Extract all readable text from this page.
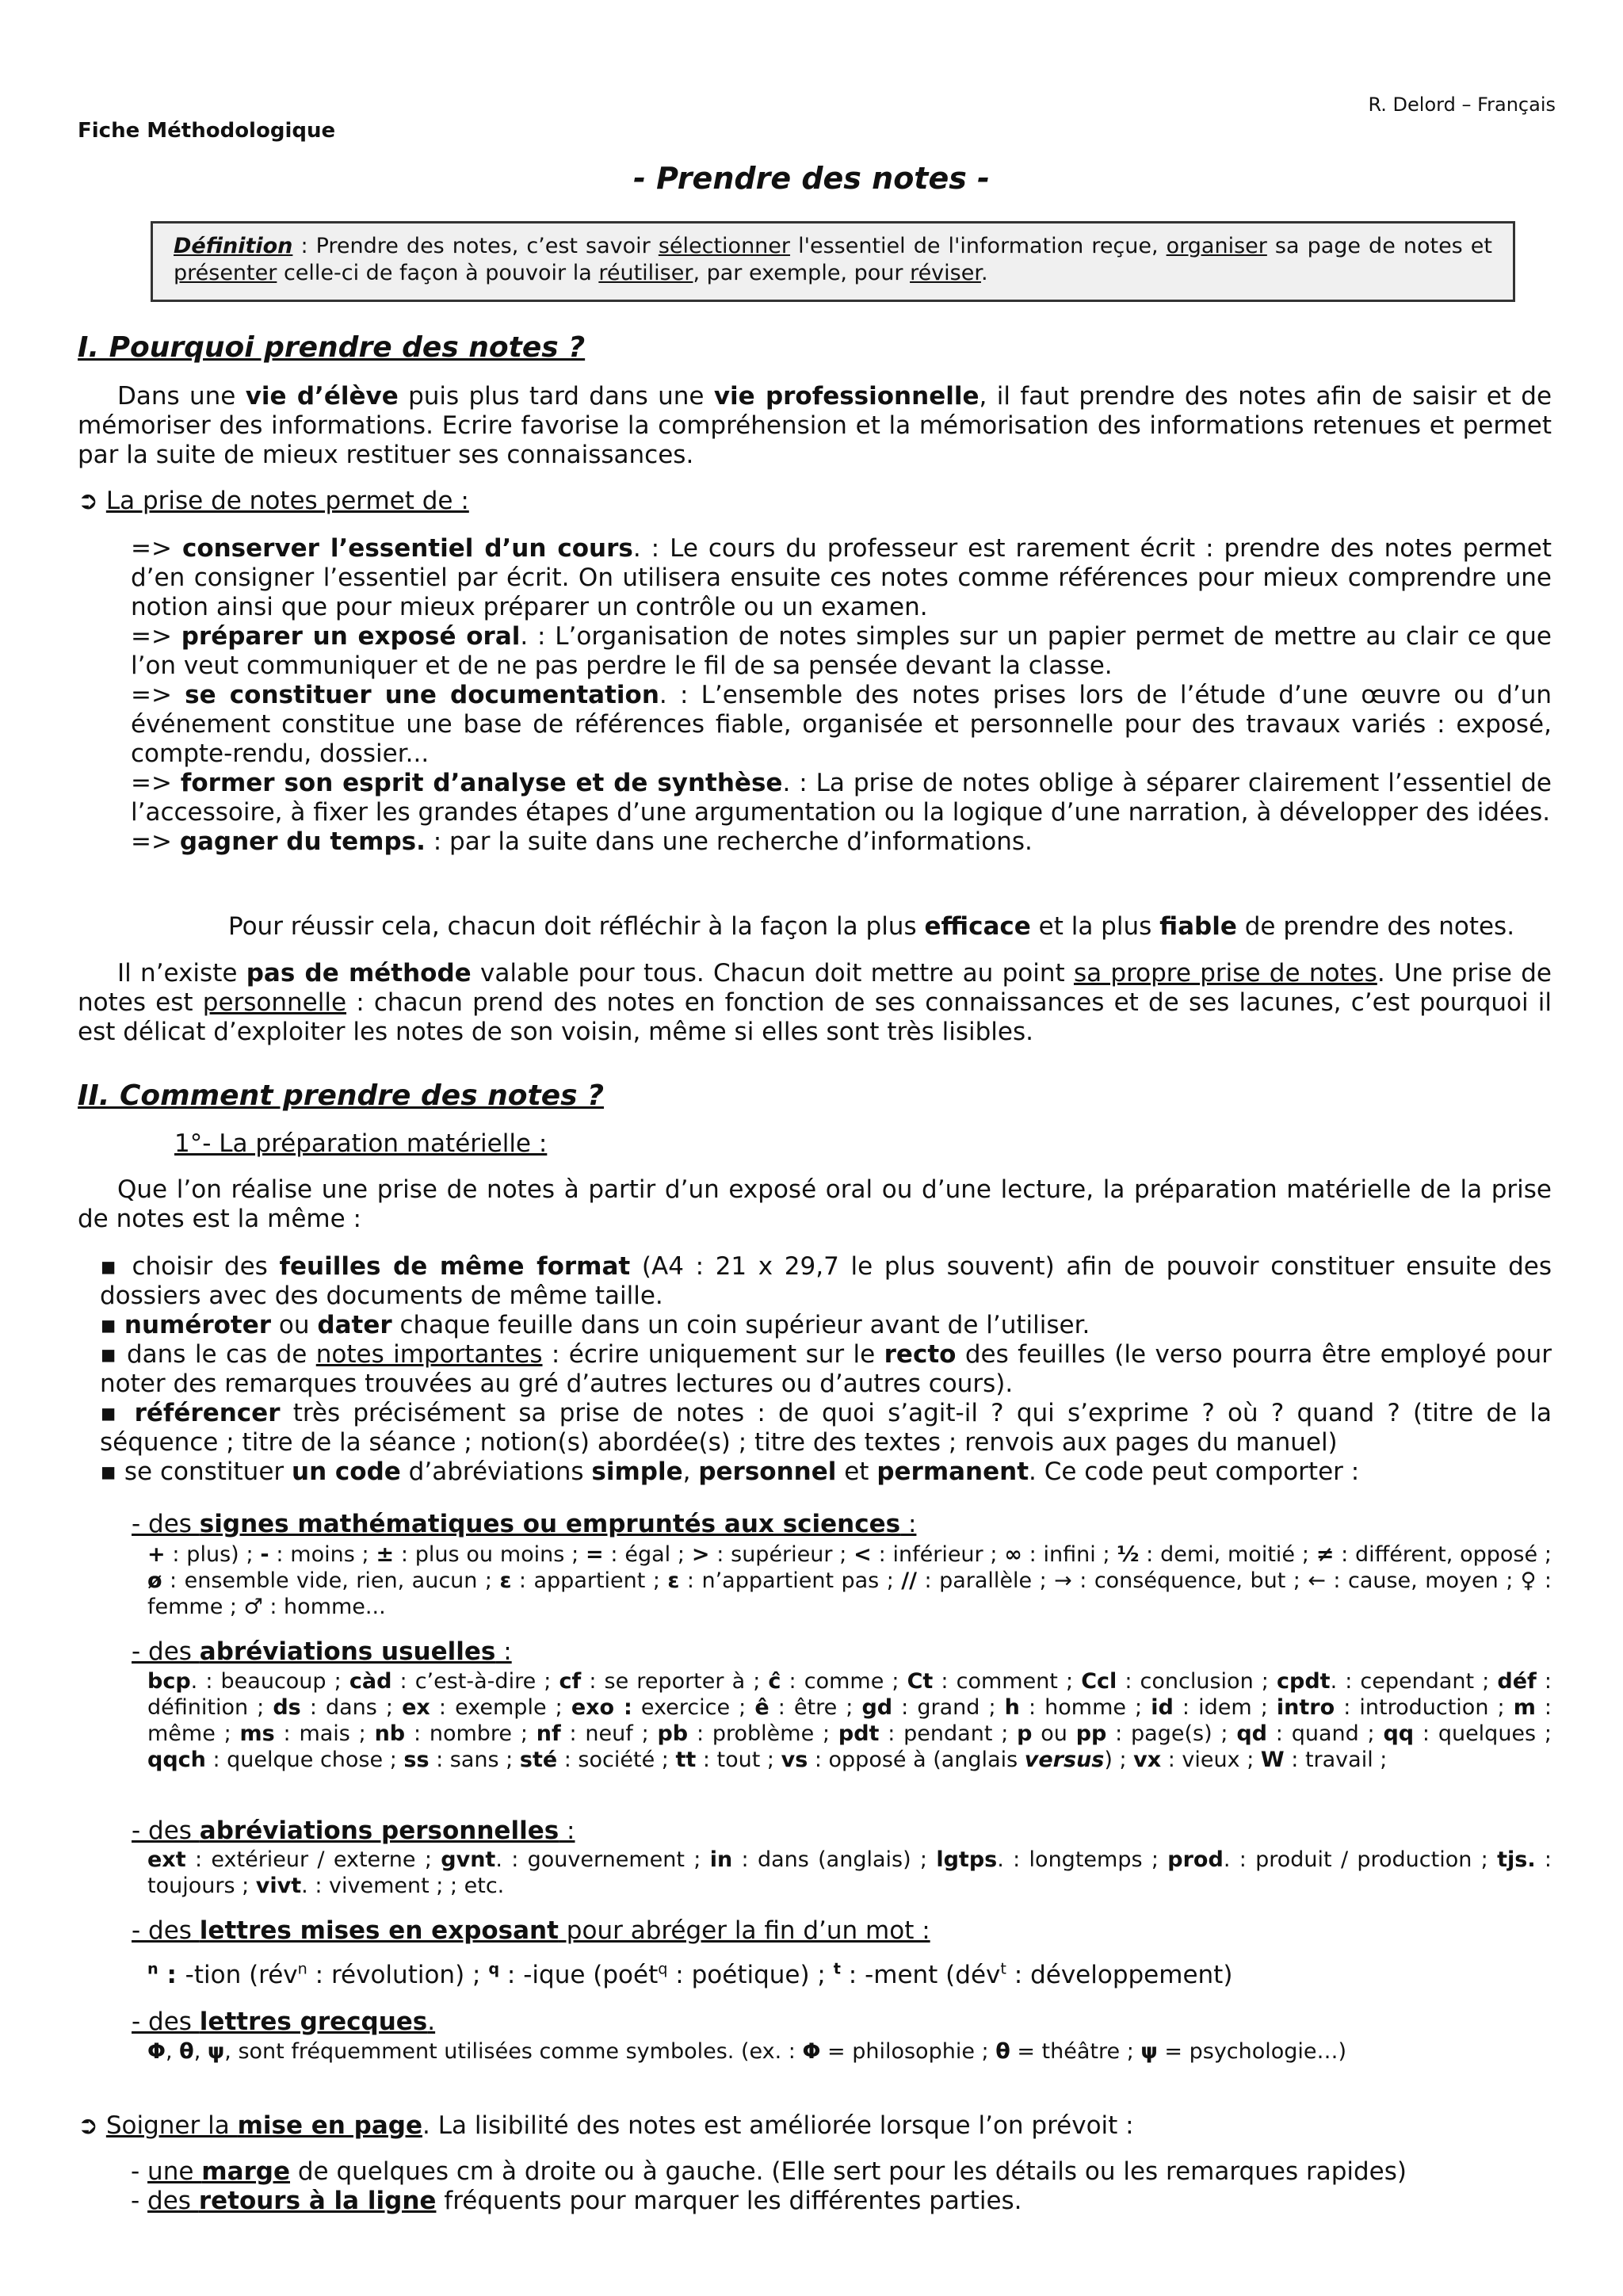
R. Delord – Français
Fiche Méthodologique
- Prendre des notes -
Définition : Prendre des notes, c’est savoir sélectionner l'essentiel de l'information reçue, organiser sa page de notes et présenter celle-ci de façon à pouvoir la réutiliser, par exemple, pour réviser.
I. Pourquoi prendre des notes ?
Dans une vie d’élève puis plus tard dans une vie professionnelle, il faut prendre des notes afin de saisir et de mémoriser des informations. Ecrire favorise la compréhension et la mémorisation des informations retenues et permet par la suite de mieux restituer ses connaissances.
➲ La prise de notes permet de :

=> conserver l’essentiel d’un cours. : Le cours du professeur est rarement écrit : prendre des notes permet d’en consigner l’essentiel par écrit. On utilisera ensuite ces notes comme références pour mieux comprendre une notion ainsi que pour mieux préparer un contrôle ou un examen.

=> préparer un exposé oral. : L’organisation de notes simples sur un papier permet de mettre au clair ce que l’on veut communiquer et de ne pas perdre le fil de sa pensée devant la classe.

=> se constituer une documentation. : L’ensemble des notes prises lors de l’étude d’une œuvre ou d’un événement constitue une base de références fiable, organisée et personnelle pour des travaux variés : exposé, compte-rendu, dossier...

=> former son esprit d’analyse et de synthèse. : La prise de notes oblige à séparer clairement l’essentiel de l’accessoire, à fixer les grandes étapes d’une argumentation ou la logique d’une narration, à développer des idées.

=> gagner du temps. : par la suite dans une recherche d’informations.

Pour réussir cela, chacun doit réfléchir à la façon la plus efficace et la plus fiable de prendre des notes.
Il n’existe pas de méthode valable pour tous. Chacun doit mettre au point sa propre prise de notes. Une prise de notes est personnelle : chacun prend des notes en fonction de ses connaissances et de ses lacunes, c’est pourquoi il est délicat d’exploiter les notes de son voisin, même si elles sont très lisibles.
II. Comment prendre des notes ?
1°- La préparation matérielle :
Que l’on réalise une prise de notes à partir d’un exposé oral ou d’une lecture, la préparation matérielle de la prise de notes est la même :

▪ choisir des feuilles de même format (A4 : 21 x 29,7 le plus souvent) afin de pouvoir constituer ensuite des dossiers avec des documents de même taille.

▪ numéroter ou dater chaque feuille dans un coin supérieur avant de l’utiliser.

▪ dans le cas de notes importantes : écrire uniquement sur le recto des feuilles (le verso pourra être employé pour noter des remarques trouvées au gré d’autres lectures ou d’autres cours).

▪ référencer très précisément sa prise de notes : de quoi s’agit-il ? qui s’exprime ? où ? quand ? (titre de la séquence ; titre de la séance ; notion(s) abordée(s) ; titre des textes ; renvois aux pages du manuel)

▪ se constituer un code d’abréviations simple, personnel et permanent. Ce code peut comporter :

- des signes mathématiques ou empruntés aux sciences :
+ : plus) ; - : moins ; ± : plus ou moins ; = : égal ; > : supérieur ; < : inférieur ; ∞ : infini ; ½ : demi, moitié ; ≠ : différent, opposé ; ø : ensemble vide, rien, aucun ; ε : appartient ; ɛ : n’appartient pas ; // : parallèle ; → : conséquence, but ; ← : cause, moyen ; ♀ : femme ; ♂ : homme...
- des abréviations usuelles :
bcp. : beaucoup ; càd : c’est-à-dire ; cf : se reporter à ; ĉ : comme ; Ct : comment ; Ccl : conclusion ; cpdt. : cependant ; déf : définition ; ds : dans ; ex : exemple ; exo : exercice ; ê : être ; gd : grand ; h : homme ; id : idem ; intro : introduction ; m : même ; ms : mais ; nb : nombre ; nf : neuf ; pb : problème ; pdt : pendant ; p ou pp : page(s) ; qd : quand ; qq : quelques ; qqch : quelque chose ; ss : sans ; sté : société ; tt : tout ; vs : opposé à (anglais versus) ; vx : vieux ; W : travail ;
- des abréviations personnelles :
ext : extérieur / externe ; gvnt. : gouvernement ; in : dans (anglais) ; lgtps. : longtemps ; prod. : produit / production ; tjs. : toujours ; vivt. : vivement ; ; etc.
- des lettres mises en exposant pour abréger la fin d’un mot :
$^n$ : -tion (rév$^n$ : révolution) ; $^q$ : -ique (poét$^q$ : poétique) ; $^t$ : -ment (dév$^t$ : développement)
- des lettres grecques.
Φ, θ, ψ, sont fréquemment utilisées comme symboles. (ex. : Φ = philosophie ; θ = théâtre ; ψ = psychologie…)
➲ Soigner la mise en page. La lisibilité des notes est améliorée lorsque l’on prévoit :

- une marge de quelques cm à droite ou à gauche. (Elle sert pour les détails ou les remarques rapides)

- des retours à la ligne fréquents pour marquer les différentes parties.
